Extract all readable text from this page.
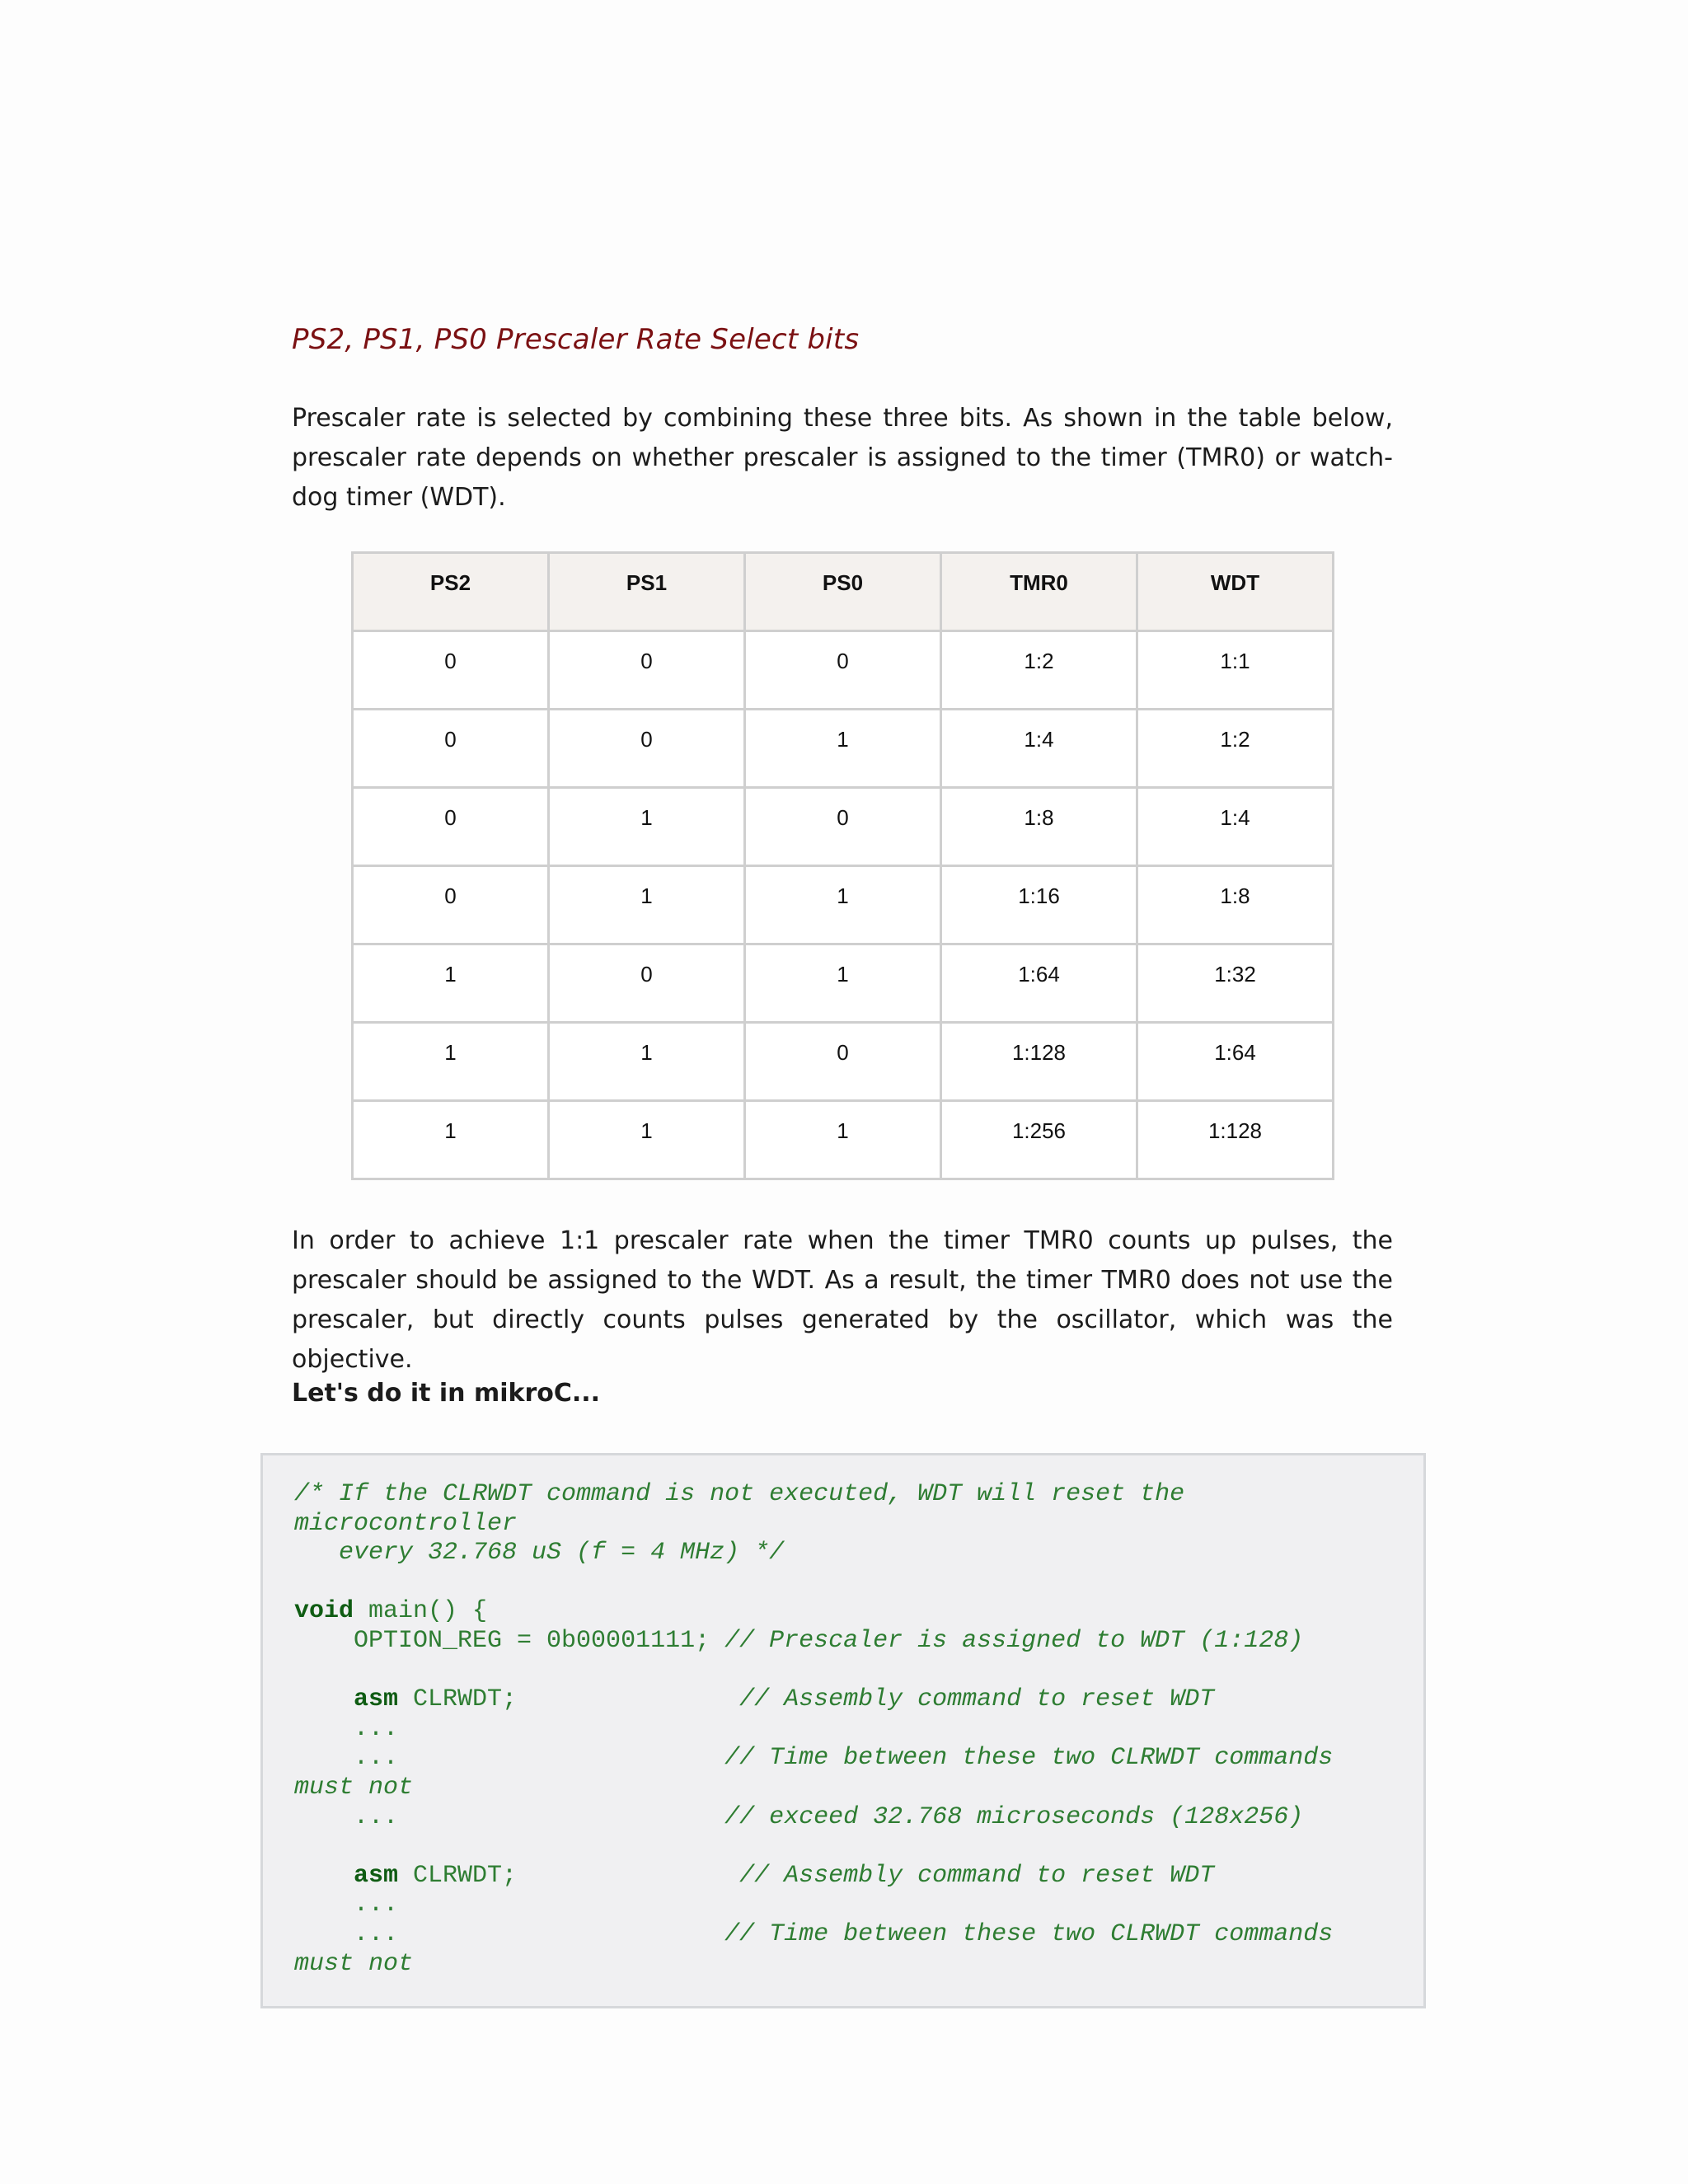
PS2, PS1, PS0 Prescaler Rate Select bits

Prescaler rate is selected by combining these three bits. As shown in the table below, prescaler rate depends on whether prescaler is assigned to the timer (TMR0) or watch-dog timer (WDT).

PS2	PS1	PS0	TMR0	WDT
0	0	0	1:2	1:1
0	0	1	1:4	1:2
0	1	0	1:8	1:4
0	1	1	1:16	1:8
1	0	1	1:64	1:32
1	1	0	1:128	1:64
1	1	1	1:256	1:128

In order to achieve 1:1 prescaler rate when the timer TMR0 counts up pulses, the prescaler should be assigned to the WDT. As a result, the timer TMR0 does not use the prescaler, but directly counts pulses generated by the oscillator, which was the objective.

Let's do it in mikroC...

/* If the CLRWDT command is not executed, WDT will reset the
microcontroller
every 32.768 uS (f = 4 MHz) */

void main() {
OPTION_REG = 0b00001111; // Prescaler is assigned to WDT (1:128)

asm CLRWDT;               // Assembly command to reset WDT
...
...                      // Time between these two CLRWDT commands
must not
...                      // exceed 32.768 microseconds (128x256)

asm CLRWDT;               // Assembly command to reset WDT
...
...                      // Time between these two CLRWDT commands
must not
